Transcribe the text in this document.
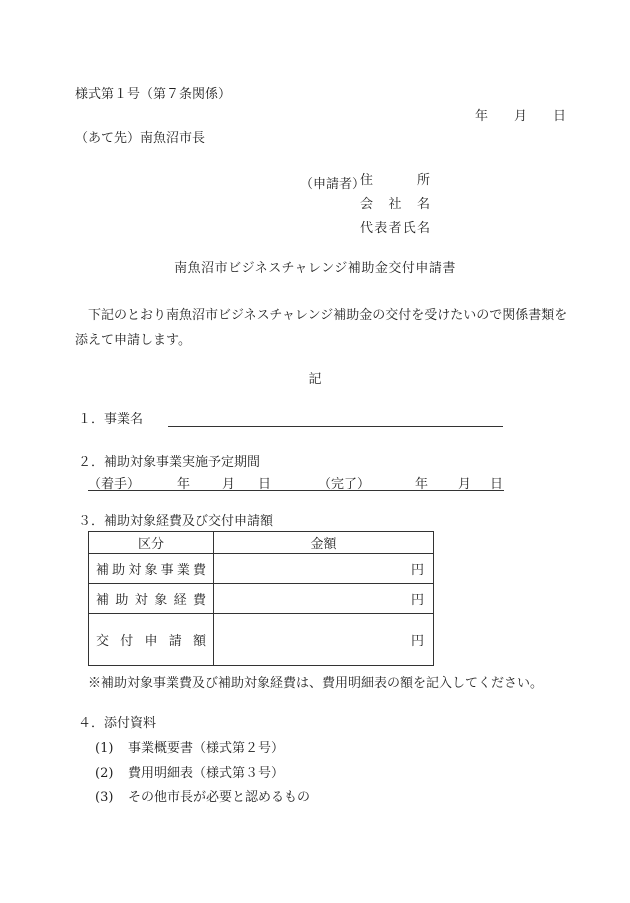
様式第１号（第７条関係）
年　　月　　日
（あて先）南魚沼市長
（申請者）
住　　　所
会　社　名
代表者氏名
南魚沼市ビジネスチャレンジ補助金交付申請書
下記のとおり南魚沼市ビジネスチャレンジ補助金の交付を受けたいので関係書類を添えて申請します。
記
１．事業名
２．補助対象事業実施予定期間
（着手）	年 月 日	（完了）	年 月 日
３．補助対象経費及び交付申請額
区分	金額
補助対象事業費	円
補助対象経費	円
交付申請額	円
※補助対象事業費及び補助対象経費は、費用明細表の額を記入してください。
４．添付資料
(1) 事業概要書（様式第２号）
(2) 費用明細表（様式第３号）
(3) その他市長が必要と認めるもの
